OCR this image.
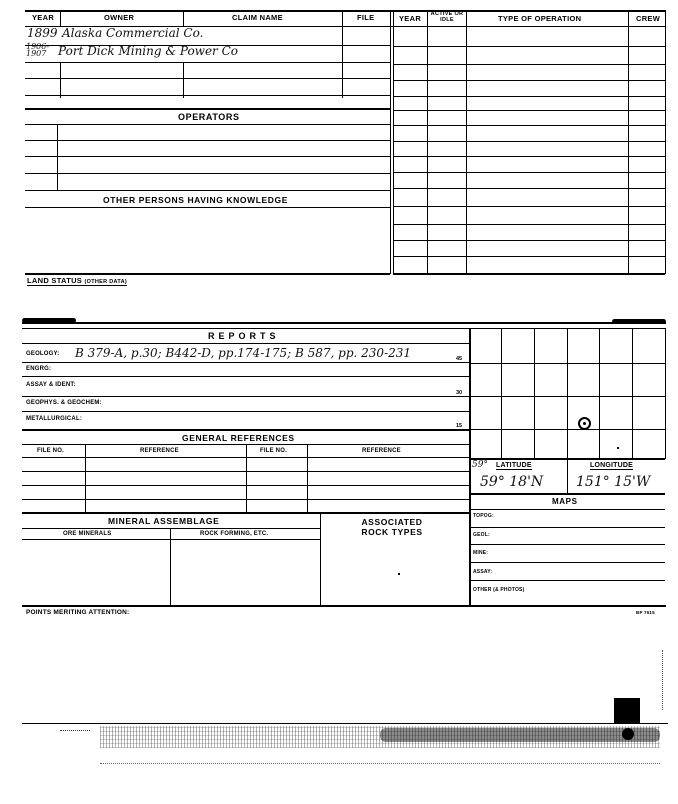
YEAR	OWNER	CLAIM NAME	FILE	YEAR	ACTIVE OR IDLE	TYPE OF OPERATION	CREW
1899 Alaska Commercial Co.
1906-1907 Port Dick Mining & Power Co
OPERATORS
OTHER PERSONS HAVING KNOWLEDGE
LAND STATUS (OTHER DATA)
REPORTS
GEOLOGY: B 379-A, p.30; B442-D, pp.174-175; B 587, pp. 230-231
ENGRG:
ASSAY & IDENT:
GEOPHYS. & GEOCHEM:
METALLURGICAL:
45
30
15
GENERAL REFERENCES
FILE NO.	REFERENCE	FILE NO.	REFERENCE
MINERAL ASSEMBLAGE
ORE MINERALS	ROCK FORMING, ETC.
ASSOCIATED ROCK TYPES
59° LATITUDE	LONGITUDE
59° 18'N 151° 15'W
MAPS
TOPOG:
GEOL:
MINE:
ASSAY:
OTHER (& PHOTOS)
POINTS MERITING ATTENTION:	BP 7615
